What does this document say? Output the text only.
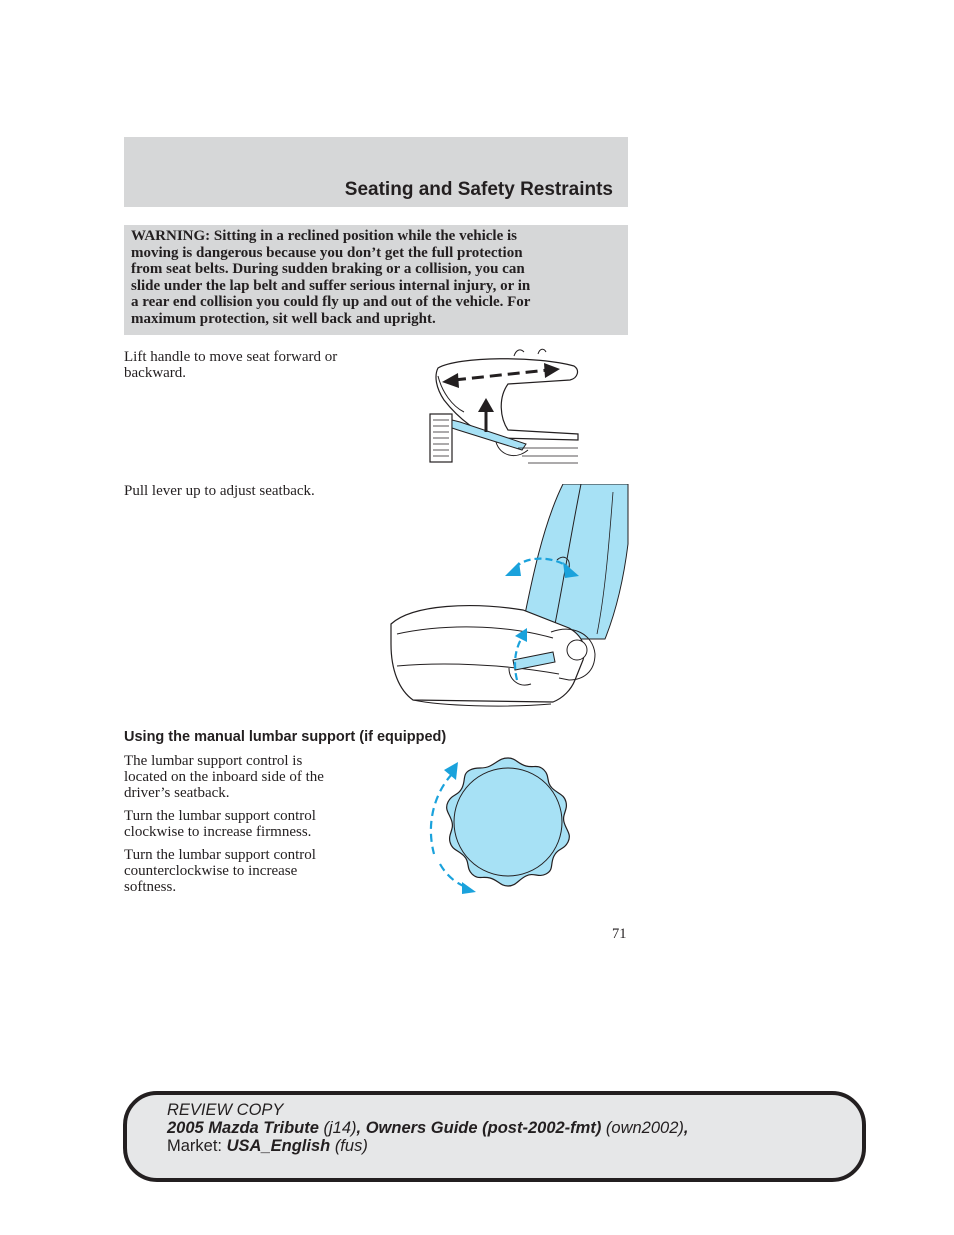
Seating and Safety Restraints
WARNING: Sitting in a reclined position while the vehicle is
moving is dangerous because you don’t get the full protection
from seat belts. During sudden braking or a collision, you can
slide under the lap belt and suffer serious internal injury, or in
a rear end collision you could fly up and out of the vehicle. For
maximum protection, sit well back and upright.
Lift handle to move seat forward or
backward.
Pull lever up to adjust seatback.
Using the manual lumbar support (if equipped)
The lumbar support control is
located on the inboard side of the
driver’s seatback.
Turn the lumbar support control
clockwise to increase firmness.
Turn the lumbar support control
counterclockwise to increase
softness.
71
REVIEW COPY
2005 Mazda Tribute (j14), Owners Guide (post-2002-fmt) (own2002),
Market: USA_English (fus)
